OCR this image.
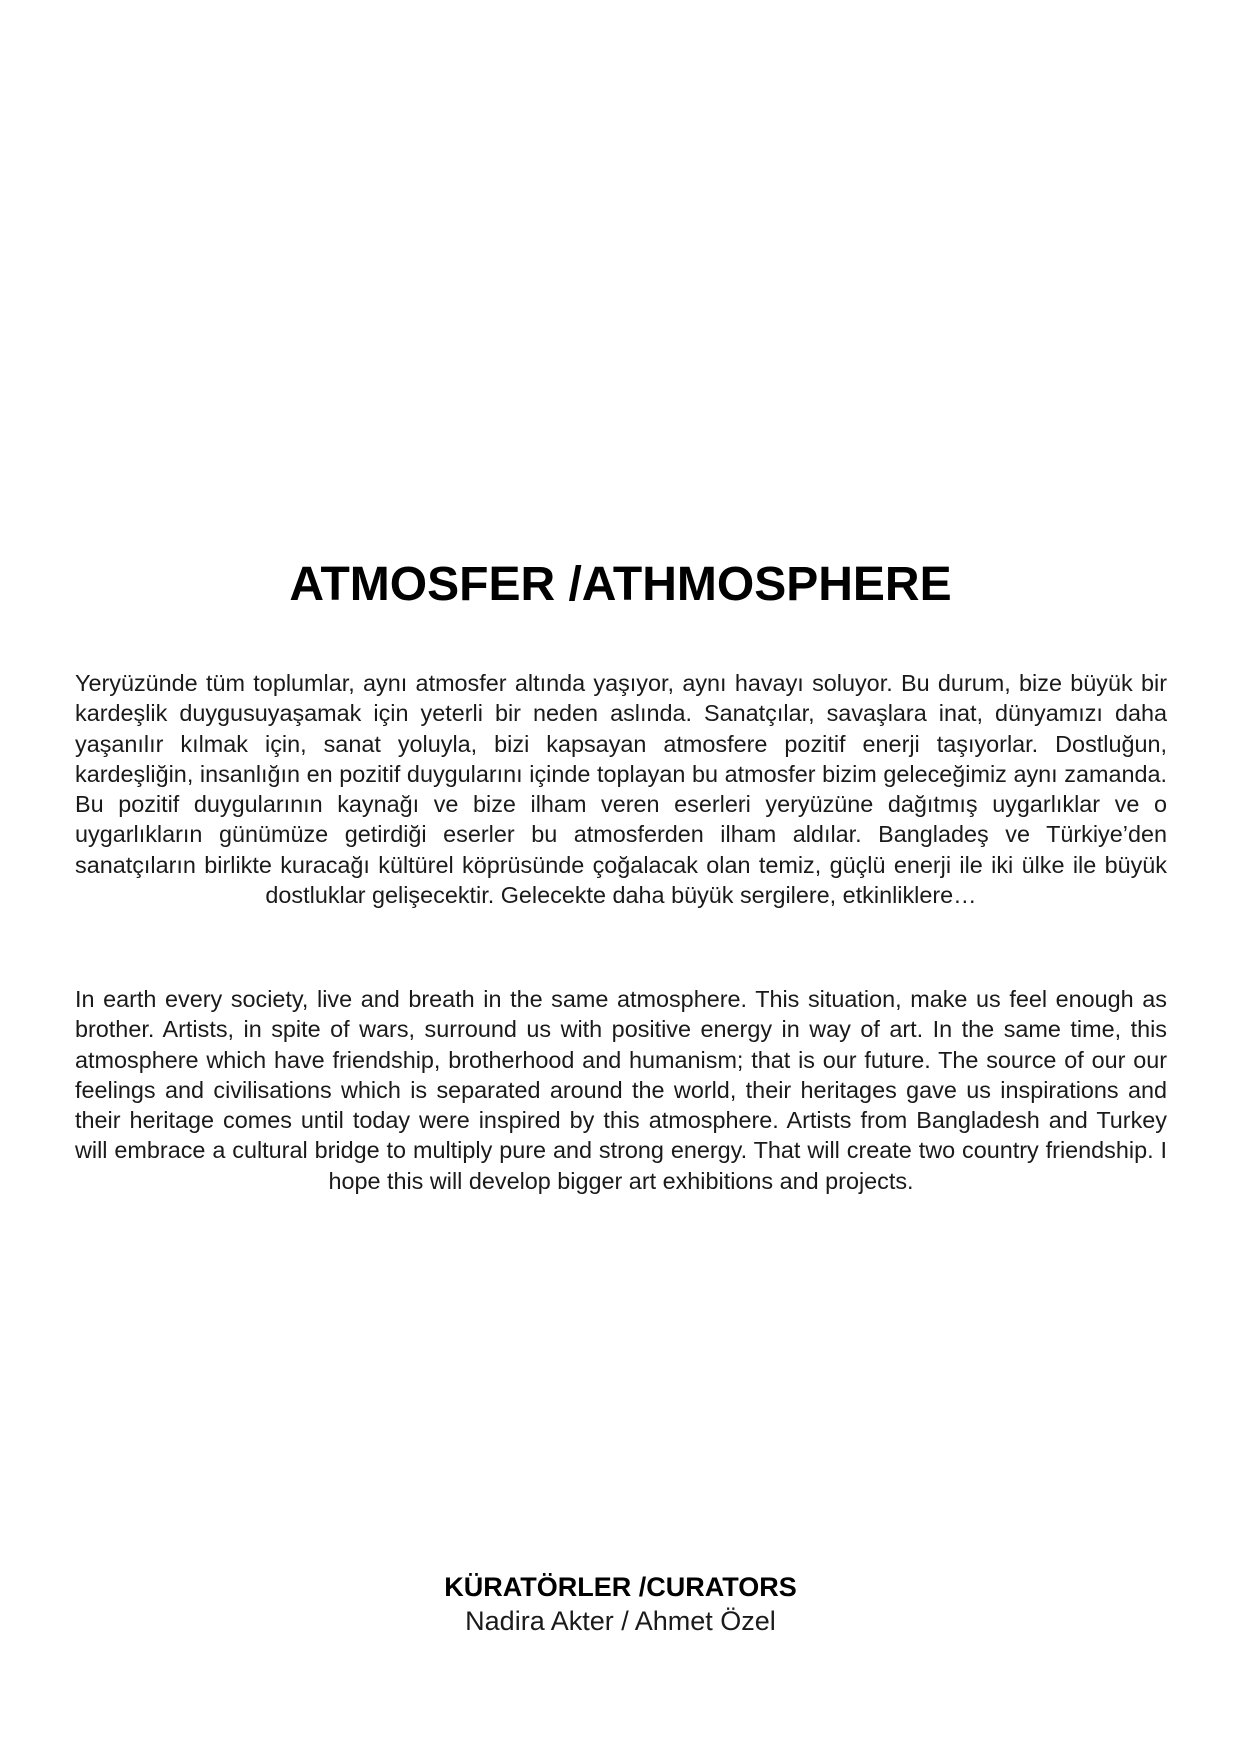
ATMOSFER /ATHMOSPHERE

Yeryüzünde tüm toplumlar, aynı atmosfer altında yaşıyor, aynı havayı soluyor. Bu durum, bize büyük bir kardeşlik duygusuyaşamak için yeterli bir neden aslında. Sanatçılar, savaşlara inat, dünyamızı daha yaşanılır kılmak için, sanat yoluyla, bizi kapsayan atmosfere pozitif enerji taşıyorlar. Dostluğun, kardeşliğin, insanlığın en pozitif duygularını içinde toplayan bu atmosfer bizim geleceğimiz aynı zamanda. Bu pozitif duygularının kaynağı ve bize ilham veren eserleri yeryüzüne dağıtmış uygarlıklar ve o uygarlıkların günümüze getirdiği eserler bu atmosferden ilham aldılar. Bangladeş ve Türkiye’den sanatçıların birlikte kuracağı kültürel köprüsünde çoğalacak olan temiz, güçlü enerji ile iki ülke ile büyük dostluklar gelişecektir. Gelecekte daha büyük sergilere, etkinliklere…

In earth every society, live and breath in the same atmosphere. This situation, make us feel enough as brother. Artists, in spite of wars, surround us with positive energy in way of art. In the same time, this atmosphere which have friendship, brotherhood and humanism; that is our future. The source of our our feelings and civilisations which is separated around the world, their heritages gave us inspirations and their heritage comes until today were inspired by this atmosphere. Artists from Bangladesh and Turkey will embrace a cultural bridge to multiply pure and strong energy. That will create two country friendship. I hope this will develop bigger art exhibitions and projects.

KÜRATÖRLER /CURATORS

Nadira Akter / Ahmet Özel
